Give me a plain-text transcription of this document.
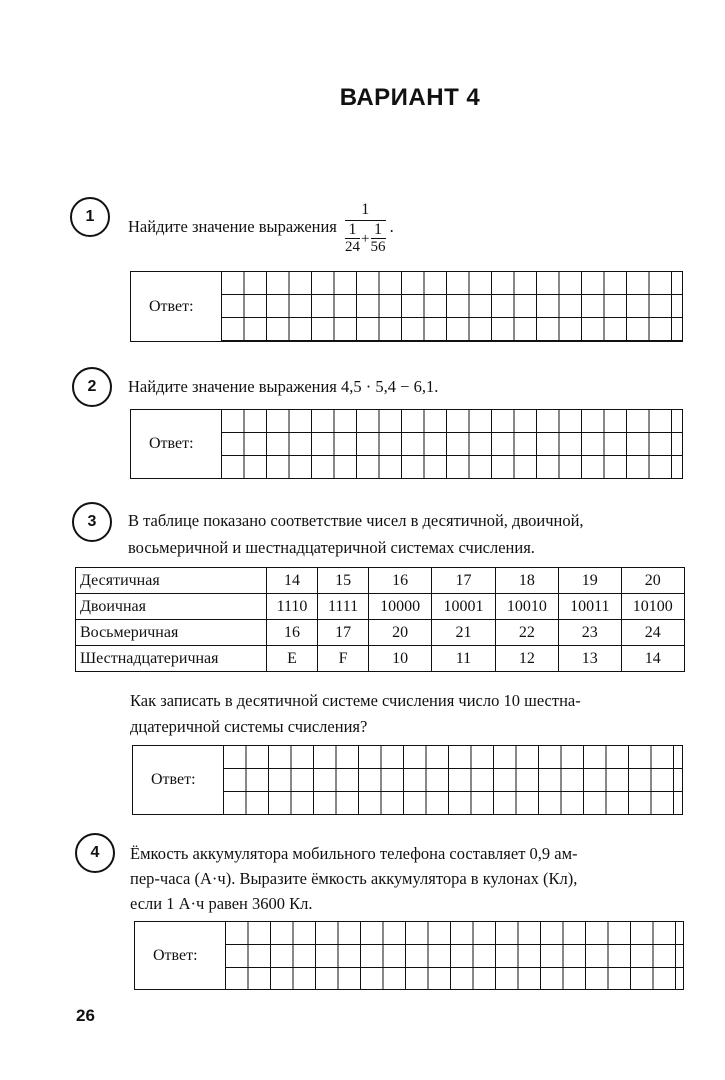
ВАРИАНТ 4
1
Найдите значение выражения $\frac{1}{\frac{1}{24} + \frac{1}{56}}$ .
Ответ:
2	Найдите значение выражения 4,5 · 5,4 − 6,1.
Ответ:
3	В таблице показано соответствие чисел в десятичной, двоичной,
восьмеричной и шестнадцатеричной системах счисления.
Десятичная	14	15	16	17	18	19	20
Двоичная	1110	1111	10000	10001	10010	10011	10100
Восьмеричная	16	17	20	21	22	23	24
Шестнадцатеричная	E	F	10	11	12	13	14
Как записать в десятичной системе счисления число 10 шестна-
дцатеричной системы счисления?
Ответ:
4	Ёмкость аккумулятора мобильного телефона составляет 0,9 ам-
пер-часа (А·ч). Выразите ёмкость аккумулятора в кулонах (Кл),
если 1 А·ч равен 3600 Кл.
Ответ:
26
